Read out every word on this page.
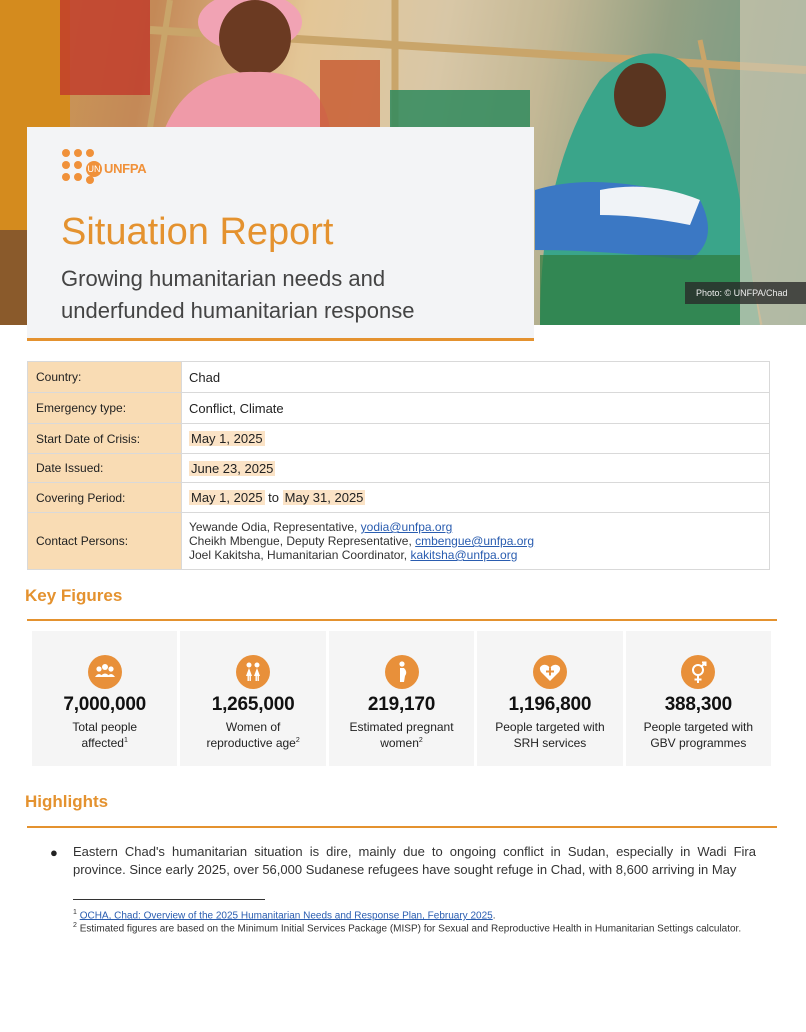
Photo: © UNFPA/Chad
UN UNFPA
Situation Report
Growing humanitarian needs and underfunded humanitarian response
Country:	Chad
Emergency type:	Conflict, Climate
Start Date of Crisis:	May 1, 2025
Date Issued:	June 23, 2025
Covering Period:	May 1, 2025 to May 31, 2025
Contact Persons:	Yewande Odia, Representative, yodia@unfpa.org
Cheikh Mbengue, Deputy Representative, cmbengue@unfpa.org
Joel Kakitsha, Humanitarian Coordinator, kakitsha@unfpa.org
Key Figures
7,000,000
Total people
affected$^1$
1,265,000
Women of
reproductive age$^2$
219,170
Estimated pregnant
women$^2$
1,196,800
People targeted with
SRH services
388,300
People targeted with
GBV programmes
Highlights
● Eastern Chad's humanitarian situation is dire, mainly due to ongoing conflict in Sudan, especially in Wadi Fira province. Since early 2025, over 56,000 Sudanese refugees have sought refuge in Chad, with 8,600 arriving in May
$^1$ OCHA, Chad: Overview of the 2025 Humanitarian Needs and Response Plan, February 2025.
$^2$ Estimated figures are based on the Minimum Initial Services Package (MISP) for Sexual and Reproductive Health in Humanitarian Settings calculator.
